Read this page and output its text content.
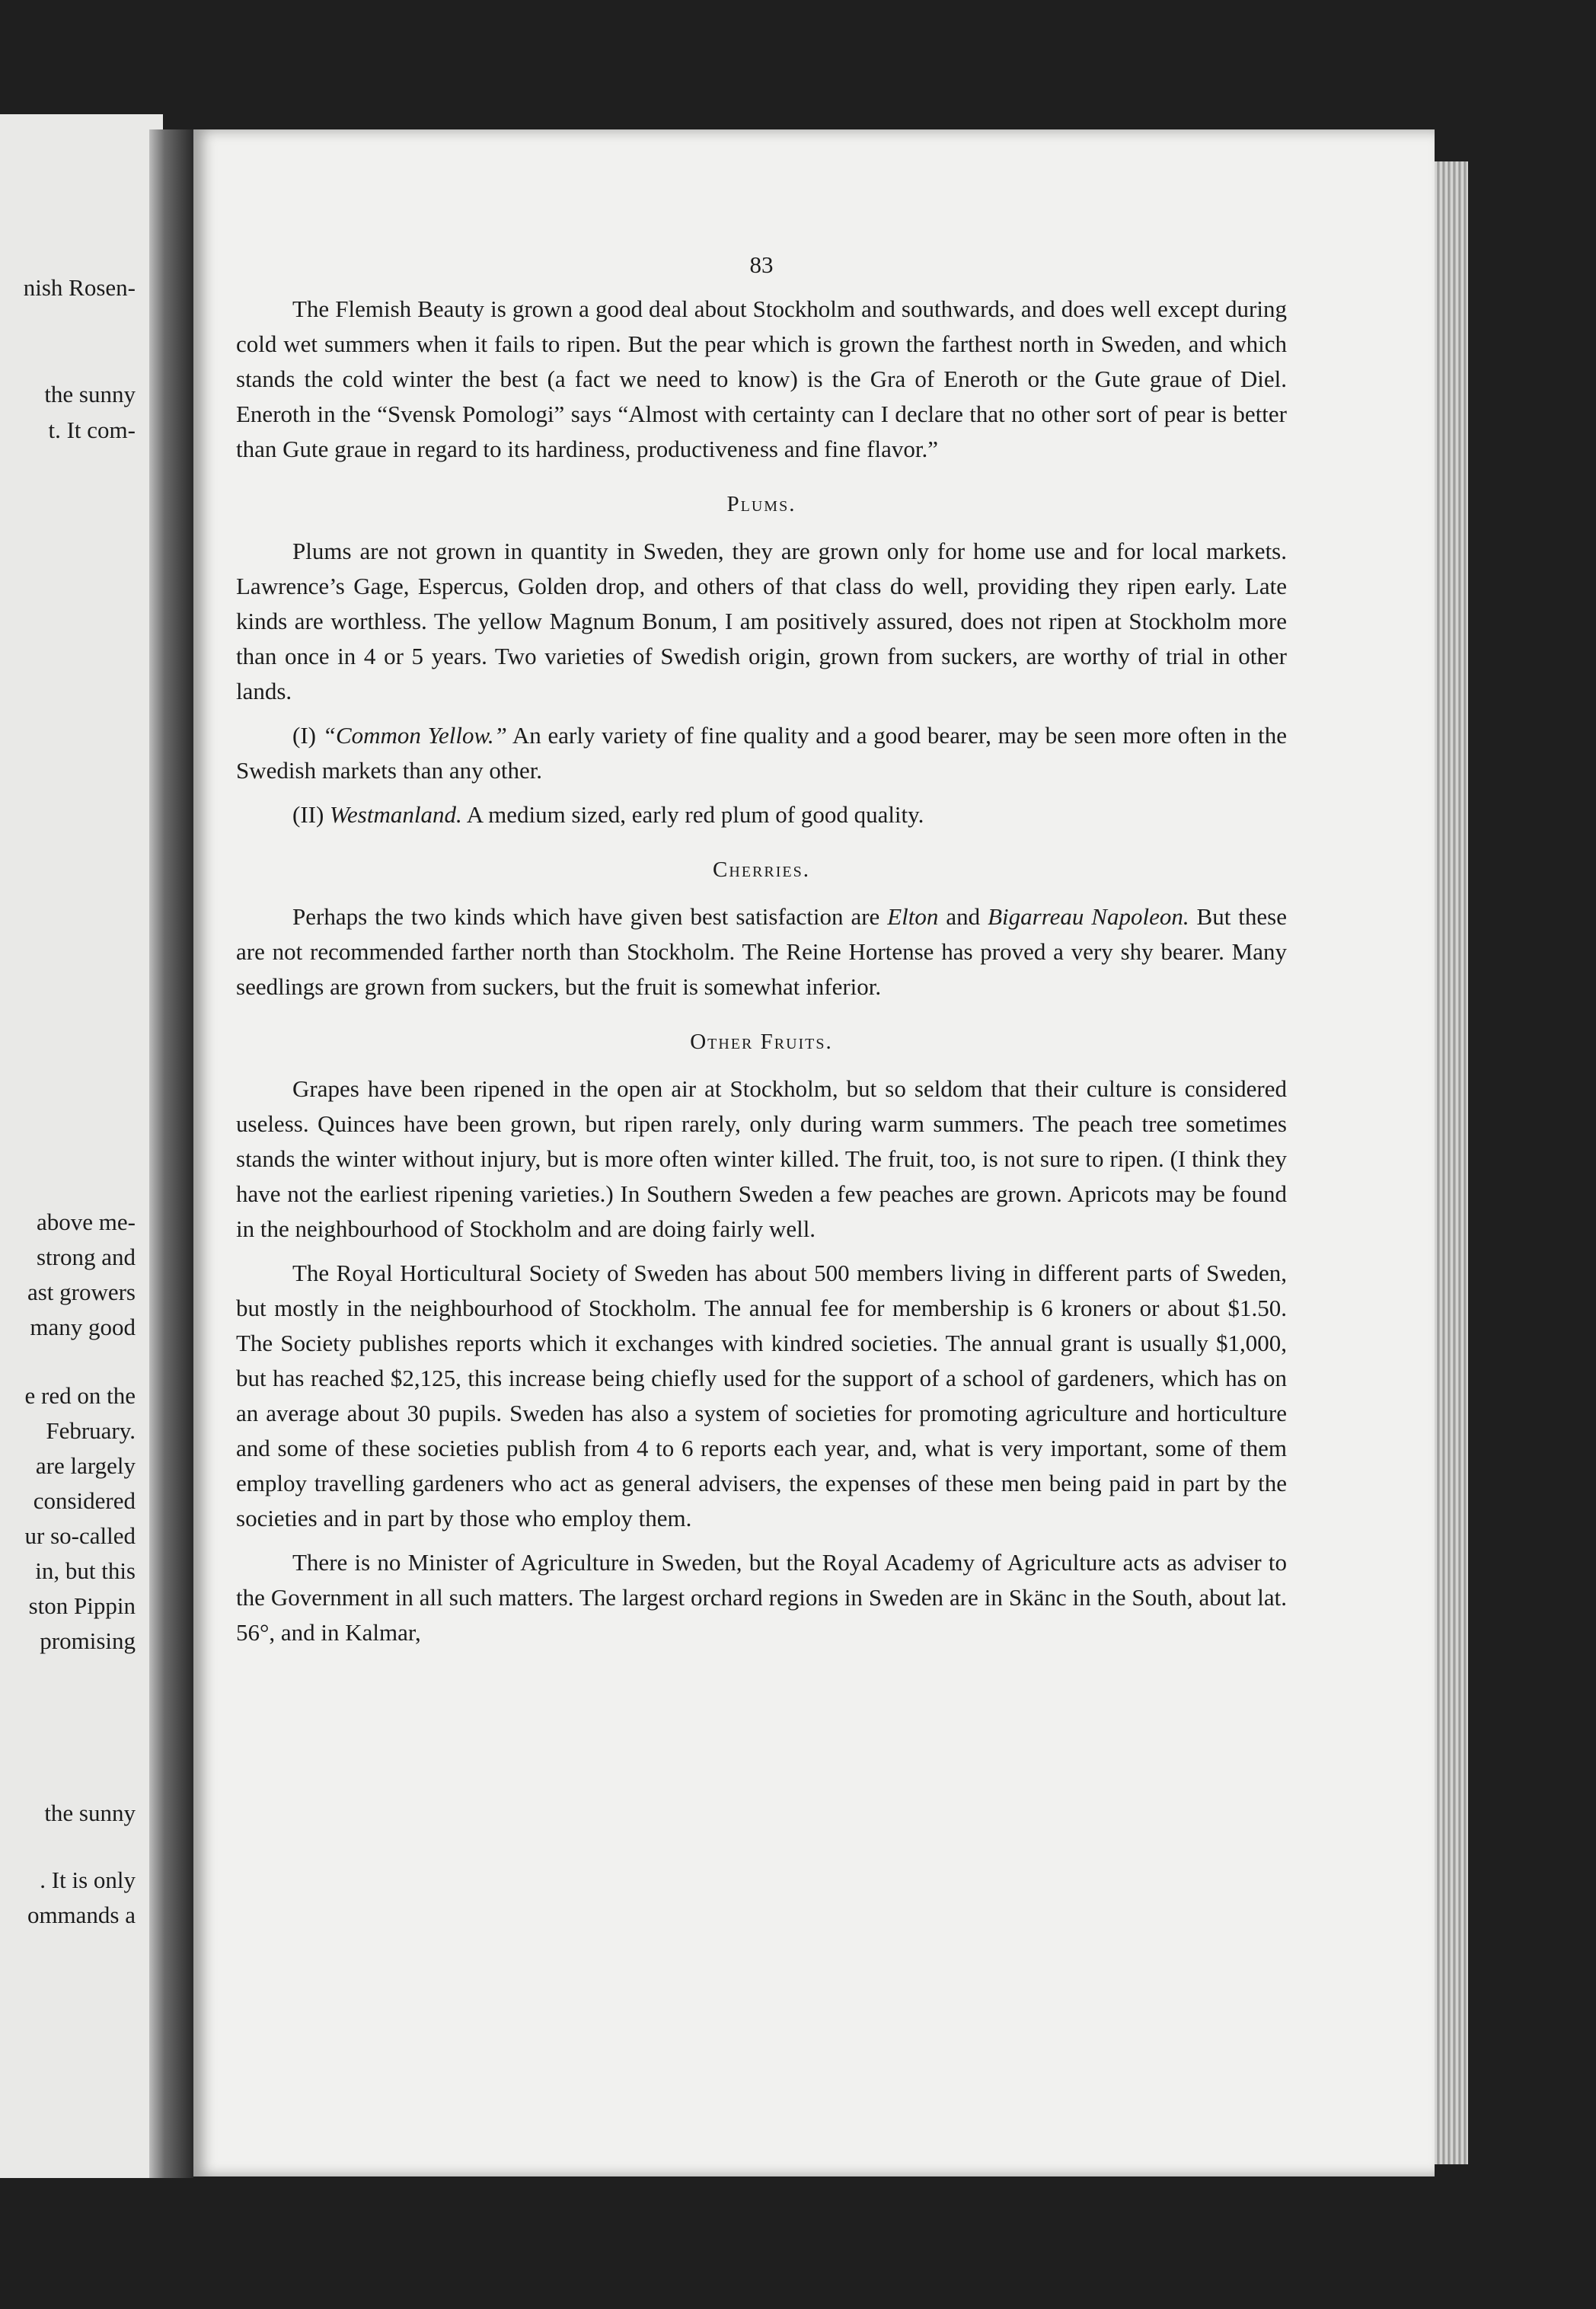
nish Rosen-
the sunny
t. It com-
above me-
strong and
ast growers
many good
e red on the
February.
are largely
considered
ur so-called
in, but this
ston Pippin
promising
the sunny
. It is only
ommands a
83

The Flemish Beauty is grown a good deal about Stockholm and southwards, and does well except during cold wet summers when it fails to ripen. But the pear which is grown the farthest north in Sweden, and which stands the cold winter the best (a fact we need to know) is the Gra of Eneroth or the Gute graue of Diel. Eneroth in the “Svensk Pomologi” says “Almost with certainty can I declare that no other sort of pear is better than Gute graue in regard to its hardiness, productiveness and fine flavor.”

Plums.

Plums are not grown in quantity in Sweden, they are grown only for home use and for local markets. Lawrence’s Gage, Espercus, Golden drop, and others of that class do well, providing they ripen early. Late kinds are worthless. The yellow Magnum Bonum, I am positively assured, does not ripen at Stockholm more than once in 4 or 5 years. Two varieties of Swedish origin, grown from suckers, are worthy of trial in other lands.

(I) “Common Yellow.” An early variety of fine quality and a good bearer, may be seen more often in the Swedish markets than any other.

(II) Westmanland. A medium sized, early red plum of good quality.

Cherries.

Perhaps the two kinds which have given best satisfaction are Elton and Bigarreau Napoleon. But these are not recommended farther north than Stockholm. The Reine Hortense has proved a very shy bearer. Many seedlings are grown from suckers, but the fruit is somewhat inferior.

Other Fruits.

Grapes have been ripened in the open air at Stockholm, but so seldom that their culture is considered useless. Quinces have been grown, but ripen rarely, only during warm summers. The peach tree sometimes stands the winter without injury, but is more often winter killed. The fruit, too, is not sure to ripen. (I think they have not the earliest ripening varieties.) In Southern Sweden a few peaches are grown. Apricots may be found in the neighbourhood of Stockholm and are doing fairly well.

The Royal Horticultural Society of Sweden has about 500 members living in different parts of Sweden, but mostly in the neighbourhood of Stockholm. The annual fee for membership is 6 kroners or about $1.50. The Society publishes reports which it exchanges with kindred societies. The annual grant is usually $1,000, but has reached $2,125, this increase being chiefly used for the support of a school of gardeners, which has on an average about 30 pupils. Sweden has also a system of societies for promoting agriculture and horticulture and some of these societies publish from 4 to 6 reports each year, and, what is very important, some of them employ travelling gardeners who act as general advisers, the expenses of these men being paid in part by the societies and in part by those who employ them.

There is no Minister of Agriculture in Sweden, but the Royal Academy of Agriculture acts as adviser to the Government in all such matters. The largest orchard regions in Sweden are in Skänc in the South, about lat. 56°, and in Kalmar,
